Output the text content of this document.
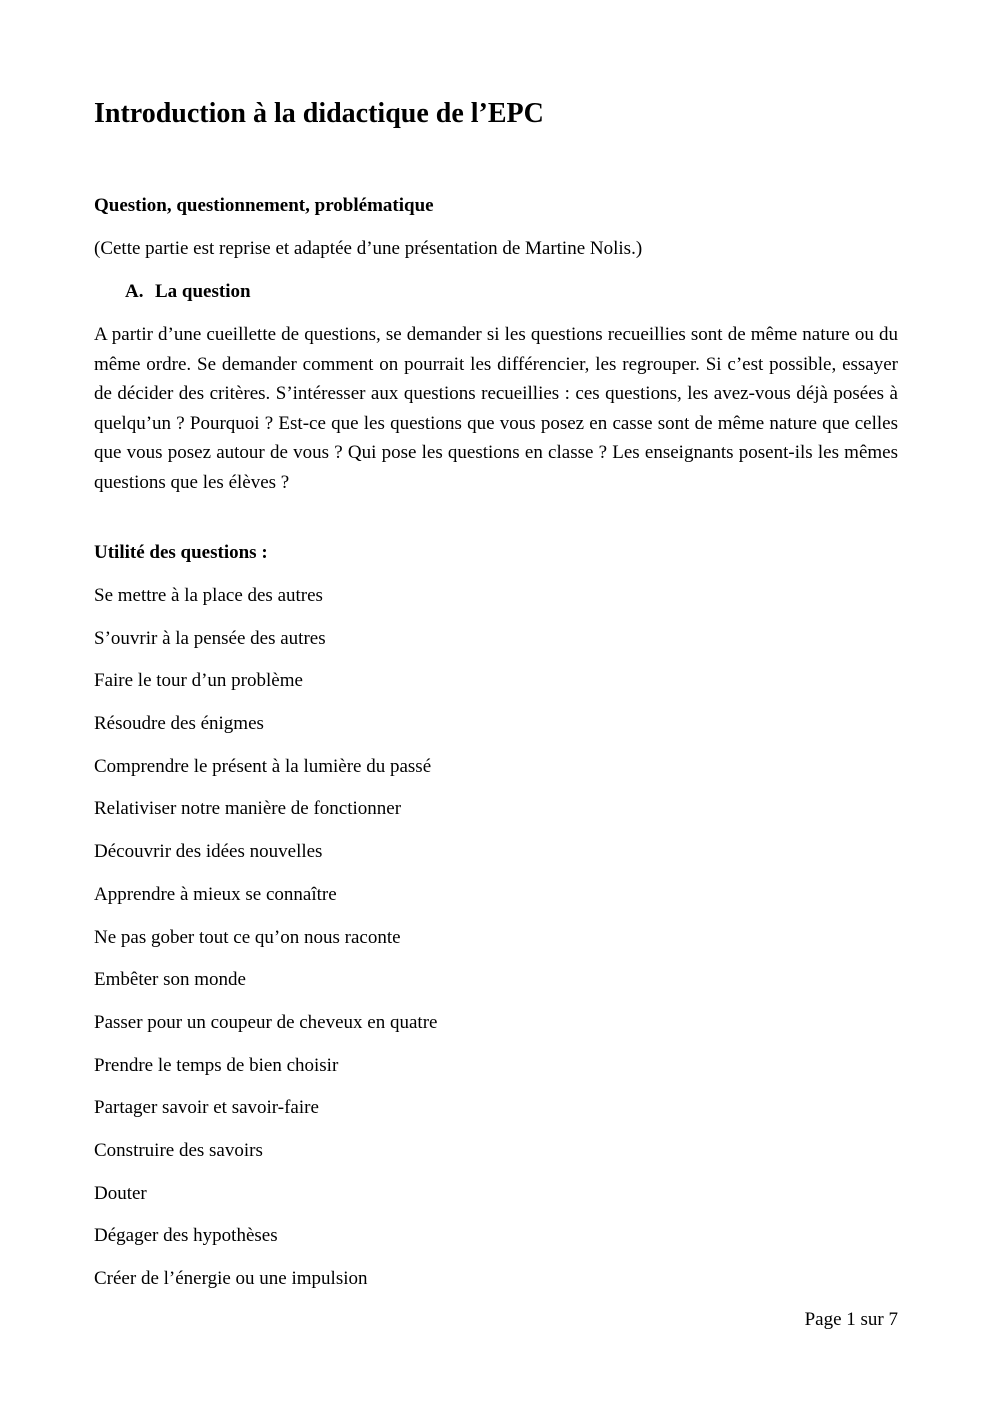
Introduction à la didactique de l’EPC

Question, questionnement, problématique

(Cette partie est reprise et adaptée d’une présentation de Martine Nolis.)

A. La question

A partir d’une cueillette de questions, se demander si les questions recueillies sont de même nature ou du même ordre. Se demander comment on pourrait les différencier, les regrouper. Si c’est possible, essayer de décider des critères. S’intéresser aux questions recueillies : ces questions, les avez-vous déjà posées à quelqu’un ? Pourquoi ? Est-ce que les questions que vous posez en casse sont de même nature que celles que vous posez autour de vous ? Qui pose les questions en classe ? Les enseignants posent-ils les mêmes questions que les élèves ?

Utilité des questions :

Se mettre à la place des autres
S’ouvrir à la pensée des autres
Faire le tour d’un problème
Résoudre des énigmes
Comprendre le présent à la lumière du passé
Relativiser notre manière de fonctionner
Découvrir des idées nouvelles
Apprendre à mieux se connaître
Ne pas gober tout ce qu’on nous raconte
Embêter son monde
Passer pour un coupeur de cheveux en quatre
Prendre le temps de bien choisir
Partager savoir et savoir-faire
Construire des savoirs
Douter
Dégager des hypothèses
Créer de l’énergie ou une impulsion

Page 1 sur 7
